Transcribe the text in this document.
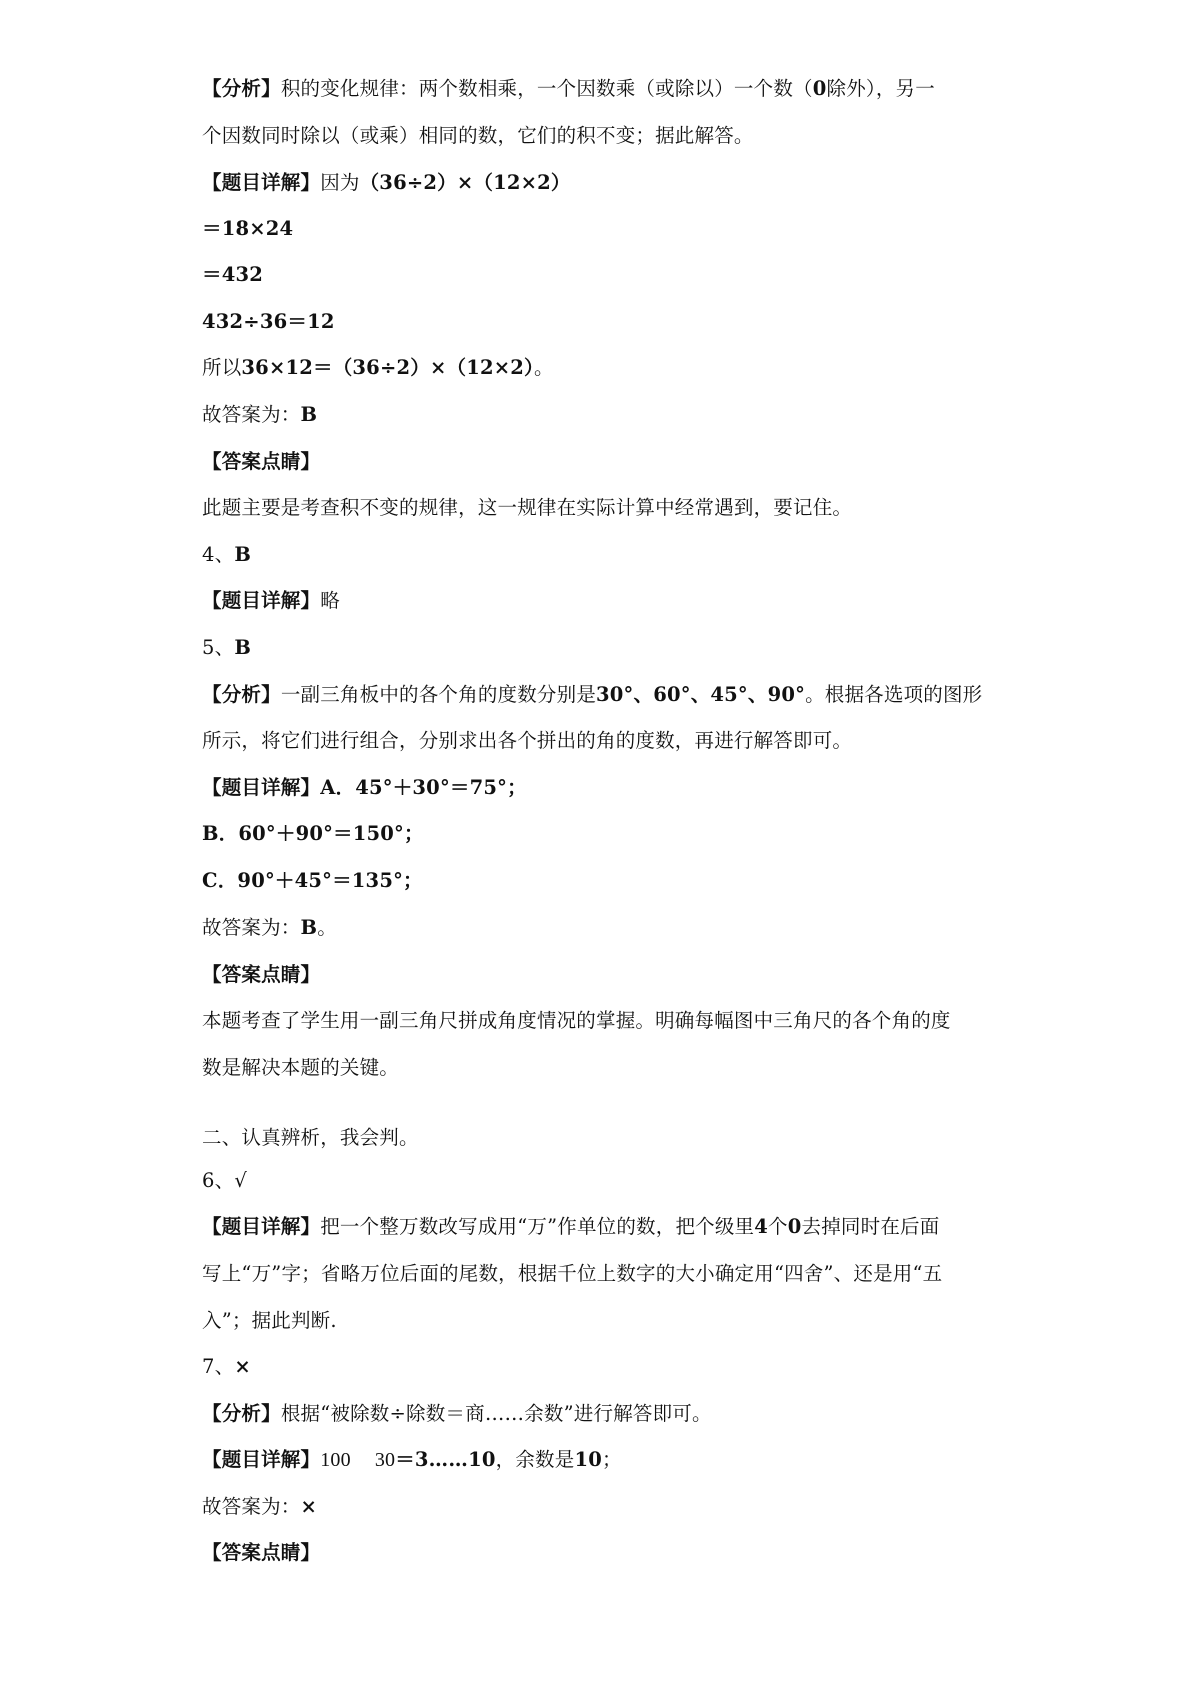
【分析】积的变化规律：两个数相乘，一个因数乘（或除以）一个数（0除外），另一
个因数同时除以（或乘）相同的数，它们的积不变；据此解答。
【题目详解】因为（36÷2）×（12×2）
＝18×24
＝432
432÷36＝12
所以36×12＝（36÷2）×（12×2）。
故答案为：B
【答案点睛】
此题主要是考查积不变的规律，这一规律在实际计算中经常遇到，要记住。
4、B
【题目详解】略
5、B
【分析】一副三角板中的各个角的度数分别是30°、60°、45°、90°。根据各选项的图形
所示，将它们进行组合，分别求出各个拼出的角的度数，再进行解答即可。
【题目详解】A．45°＋30°＝75°；
B．60°＋90°＝150°；
C．90°＋45°＝135°；
故答案为：B。
【答案点睛】
本题考查了学生用一副三角尺拼成角度情况的掌握。明确每幅图中三角尺的各个角的度
数是解决本题的关键。
二、认真辨析，我会判。
6、√
【题目详解】把一个整万数改写成用“万”作单位的数，把个级里4个0去掉同时在后面
写上“万”字；省略万位后面的尾数，根据千位上数字的大小确定用“四舍”、还是用“五
入”；据此判断.
7、×
【分析】根据“被除数÷除数＝商……余数”进行解答即可。
【题目详解】100 30＝3……10，余数是10；
故答案为：×
【答案点睛】
